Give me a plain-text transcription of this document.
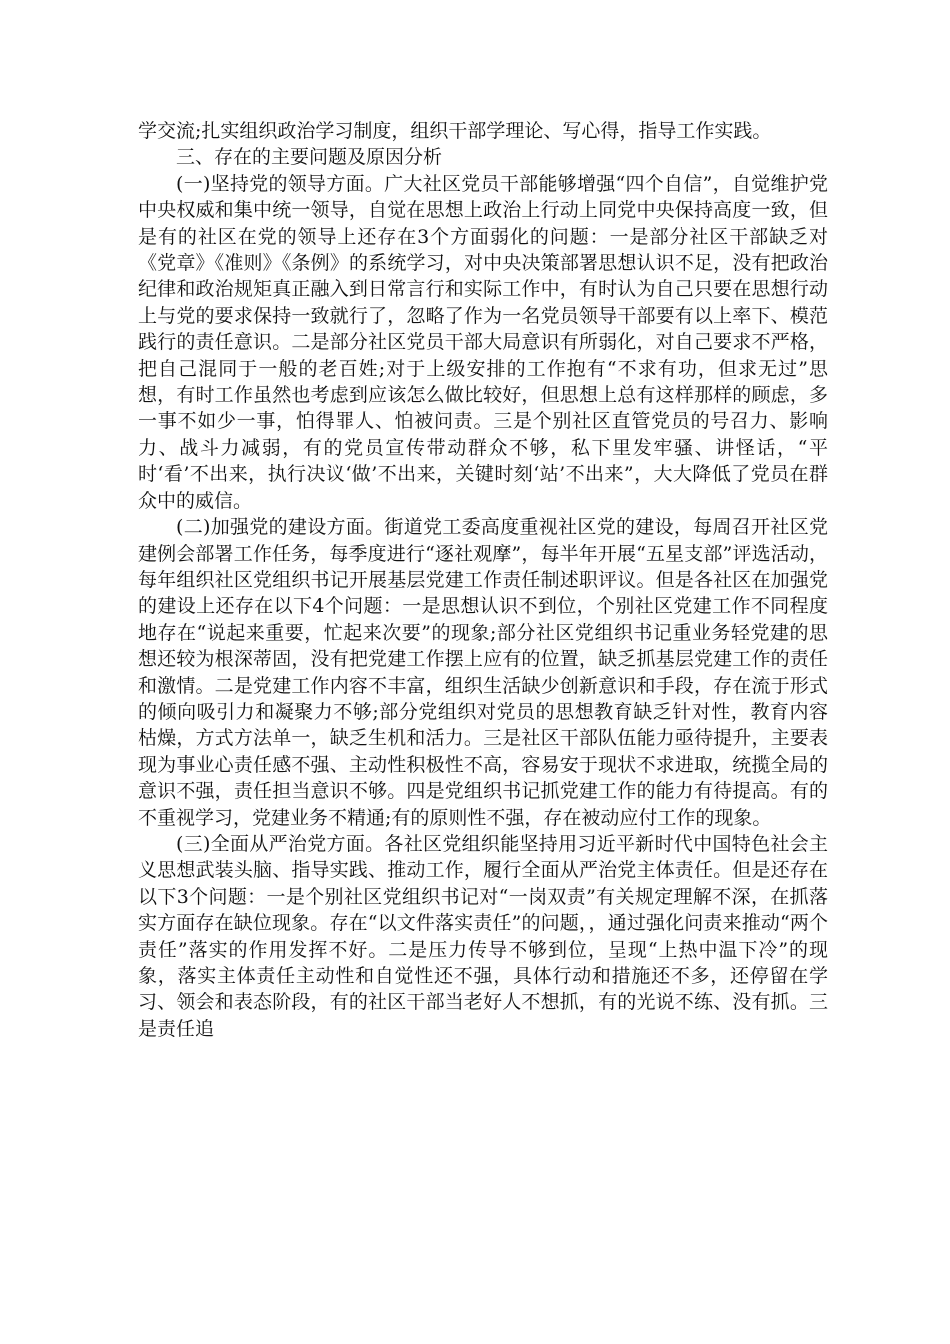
学交流;扎实组织政治学习制度，组织干部学理论、写心得，指导工作实践。

三、存在的主要问题及原因分析

(一)坚持党的领导方面。广大社区党员干部能够增强“四个自信”，自觉维护党中央权威和集中统一领导，自觉在思想上政治上行动上同党中央保持高度一致，但是有的社区在党的领导上还存在3个方面弱化的问题：一是部分社区干部缺乏对《党章》《准则》《条例》的系统学习，对中央决策部署思想认识不足，没有把政治纪律和政治规矩真正融入到日常言行和实际工作中，有时认为自己只要在思想行动上与党的要求保持一致就行了，忽略了作为一名党员领导干部要有以上率下、模范践行的责任意识。二是部分社区党员干部大局意识有所弱化，对自己要求不严格，把自己混同于一般的老百姓;对于上级安排的工作抱有“不求有功，但求无过”思想，有时工作虽然也考虑到应该怎么做比较好，但思想上总有这样那样的顾虑，多一事不如少一事，怕得罪人、怕被问责。三是个别社区直管党员的号召力、影响力、战斗力减弱，有的党员宣传带动群众不够，私下里发牢骚、讲怪话，“平时‘看’不出来，执行决议‘做’不出来，关键时刻‘站’不出来”，大大降低了党员在群众中的威信。

(二)加强党的建设方面。街道党工委高度重视社区党的建设，每周召开社区党建例会部署工作任务，每季度进行“逐社观摩”，每半年开展“五星支部”评选活动，每年组织社区党组织书记开展基层党建工作责任制述职评议。但是各社区在加强党的建设上还存在以下4个问题：一是思想认识不到位，个别社区党建工作不同程度地存在“说起来重要，忙起来次要”的现象;部分社区党组织书记重业务轻党建的思想还较为根深蒂固，没有把党建工作摆上应有的位置，缺乏抓基层党建工作的责任和激情。二是党建工作内容不丰富，组织生活缺少创新意识和手段，存在流于形式的倾向吸引力和凝聚力不够;部分党组织对党员的思想教育缺乏针对性，教育内容枯燥，方式方法单一，缺乏生机和活力。三是社区干部队伍能力亟待提升，主要表现为事业心责任感不强、主动性积极性不高，容易安于现状不求进取，统揽全局的意识不强，责任担当意识不够。四是党组织书记抓党建工作的能力有待提高。有的不重视学习，党建业务不精通;有的原则性不强，存在被动应付工作的现象。

(三)全面从严治党方面。各社区党组织能坚持用习近平新时代中国特色社会主义思想武装头脑、指导实践、推动工作，履行全面从严治党主体责任。但是还存在以下3个问题：一是个别社区党组织书记对“一岗双责”有关规定理解不深，在抓落实方面存在缺位现象。存在“以文件落实责任”的问题，，通过强化问责来推动“两个责任”落实的作用发挥不好。二是压力传导不够到位，呈现“上热中温下冷”的现象，落实主体责任主动性和自觉性还不强，具体行动和措施还不多，还停留在学习、领会和表态阶段，有的社区干部当老好人不想抓，有的光说不练、没有抓。三是责任追
